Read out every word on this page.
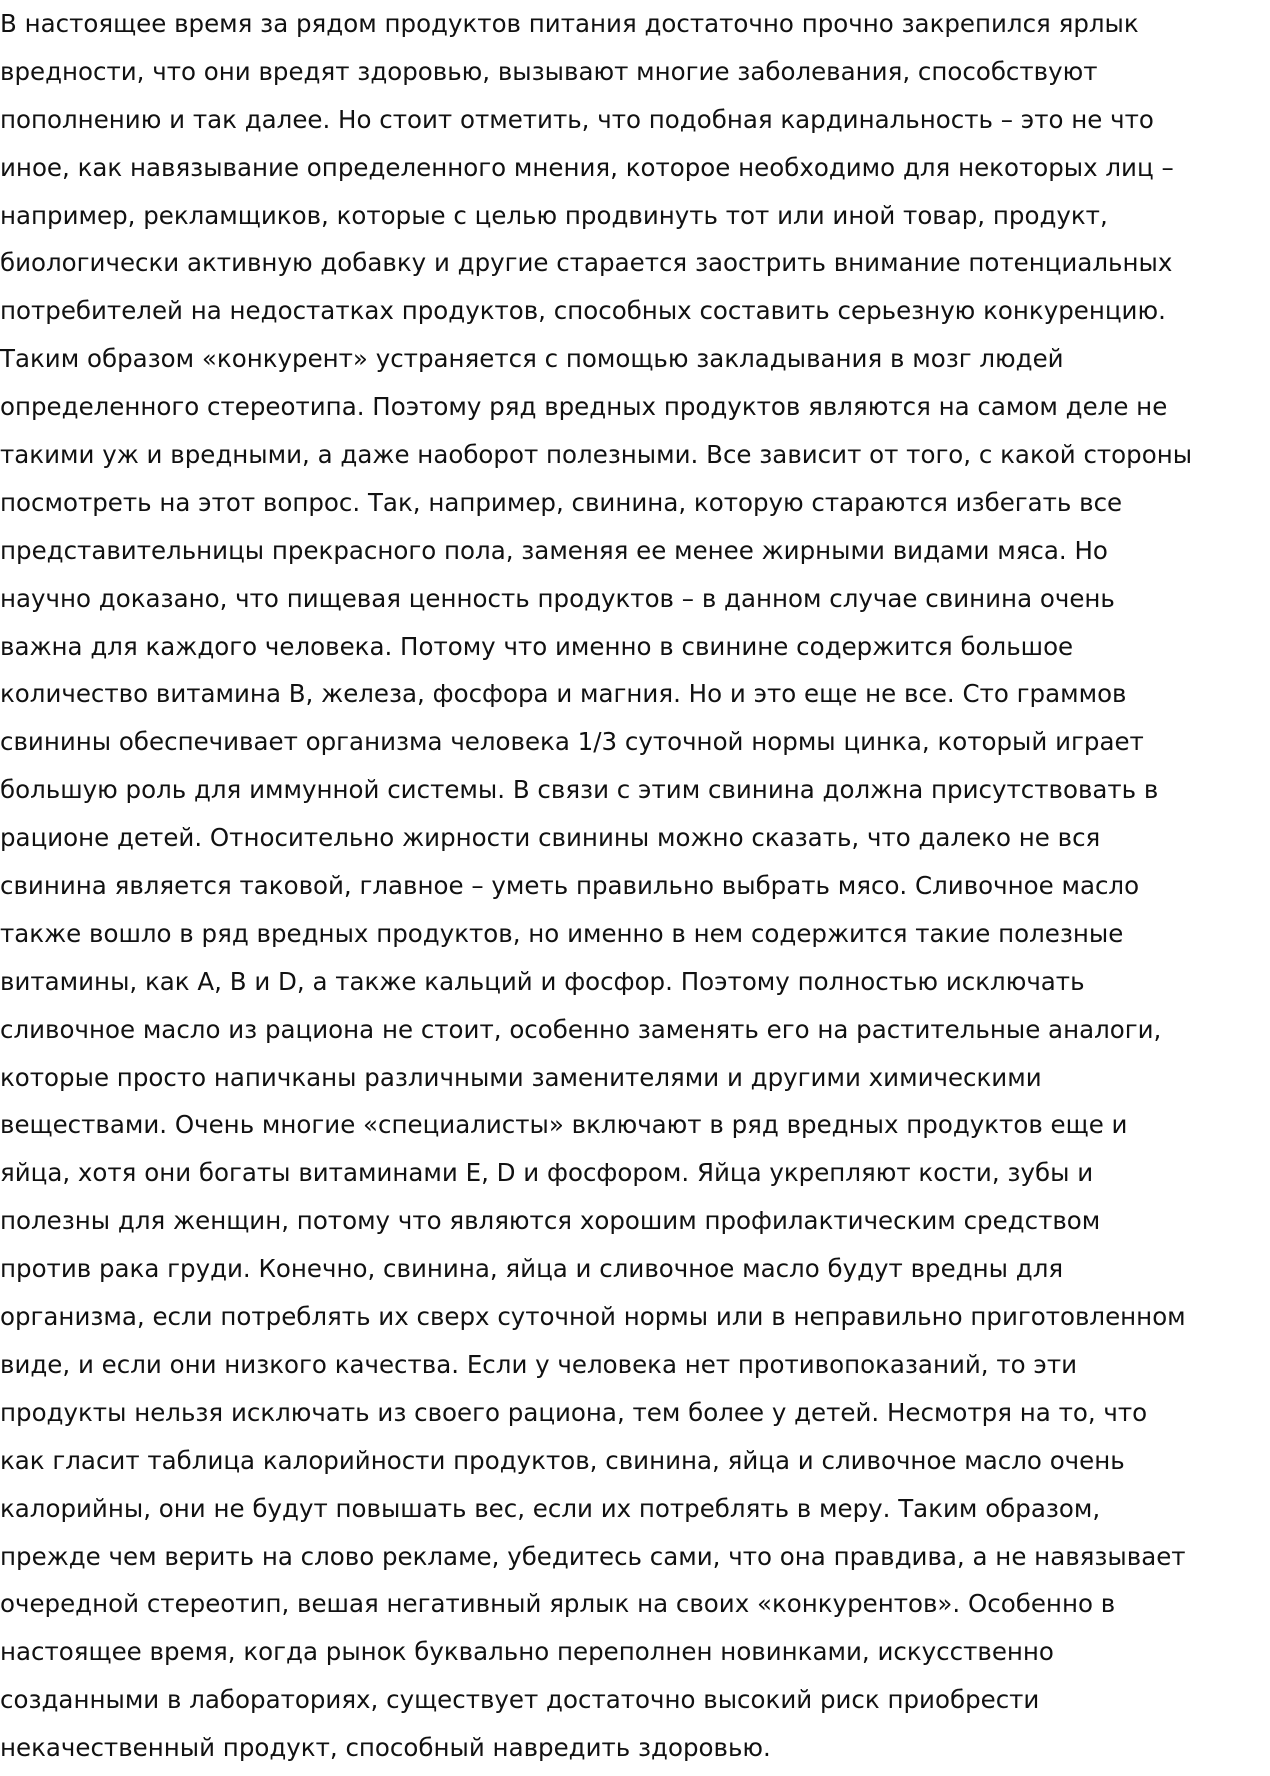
В настоящее время за рядом продуктов питания достаточно прочно закрепился ярлык
вредности, что они вредят здоровью, вызывают многие заболевания, способствуют
пополнению и так далее. Но стоит отметить, что подобная кардинальность – это не что
иное, как навязывание определенного мнения, которое необходимо для некоторых лиц –
например, рекламщиков, которые с целью продвинуть тот или иной товар, продукт,
биологически активную добавку и другие старается заострить внимание потенциальных
потребителей на недостатках продуктов, способных составить серьезную конкуренцию.
Таким образом «конкурент» устраняется с помощью закладывания в мозг людей
определенного стереотипа. Поэтому ряд вредных продуктов являются на самом деле не
такими уж и вредными, а даже наоборот полезными. Все зависит от того, с какой стороны
посмотреть на этот вопрос. Так, например, свинина, которую стараются избегать все
представительницы прекрасного пола, заменяя ее менее жирными видами мяса. Но
научно доказано, что пищевая ценность продуктов – в данном случае свинина очень
важна для каждого человека. Потому что именно в свинине содержится большое
количество витамина В, железа, фосфора и магния. Но и это еще не все. Сто граммов
свинины обеспечивает организма человека 1/3 суточной нормы цинка, который играет
большую роль для иммунной системы. В связи с этим свинина должна присутствовать в
рационе детей. Относительно жирности свинины можно сказать, что далеко не вся
свинина является таковой, главное – уметь правильно выбрать мясо. Сливочное масло
также вошло в ряд вредных продуктов, но именно в нем содержится такие полезные
витамины, как А, В и D, а также кальций и фосфор. Поэтому полностью исключать
сливочное масло из рациона не стоит, особенно заменять его на растительные аналоги,
которые просто напичканы различными заменителями и другими химическими
веществами. Очень многие «специалисты» включают в ряд вредных продуктов еще и
яйца, хотя они богаты витаминами Е, D и фосфором. Яйца укрепляют кости, зубы и
полезны для женщин, потому что являются хорошим профилактическим средством
против рака груди. Конечно, свинина, яйца и сливочное масло будут вредны для
организма, если потреблять их сверх суточной нормы или в неправильно приготовленном
виде, и если они низкого качества. Если у человека нет противопоказаний, то эти
продукты нельзя исключать из своего рациона, тем более у детей. Несмотря на то, что
как гласит таблица калорийности продуктов, свинина, яйца и сливочное масло очень
калорийны, они не будут повышать вес, если их потреблять в меру. Таким образом,
прежде чем верить на слово рекламе, убедитесь сами, что она правдива, а не навязывает
очередной стереотип, вешая негативный ярлык на своих «конкурентов». Особенно в
настоящее время, когда рынок буквально переполнен новинками, искусственно
созданными в лабораториях, существует достаточно высокий риск приобрести
некачественный продукт, способный навредить здоровью.
